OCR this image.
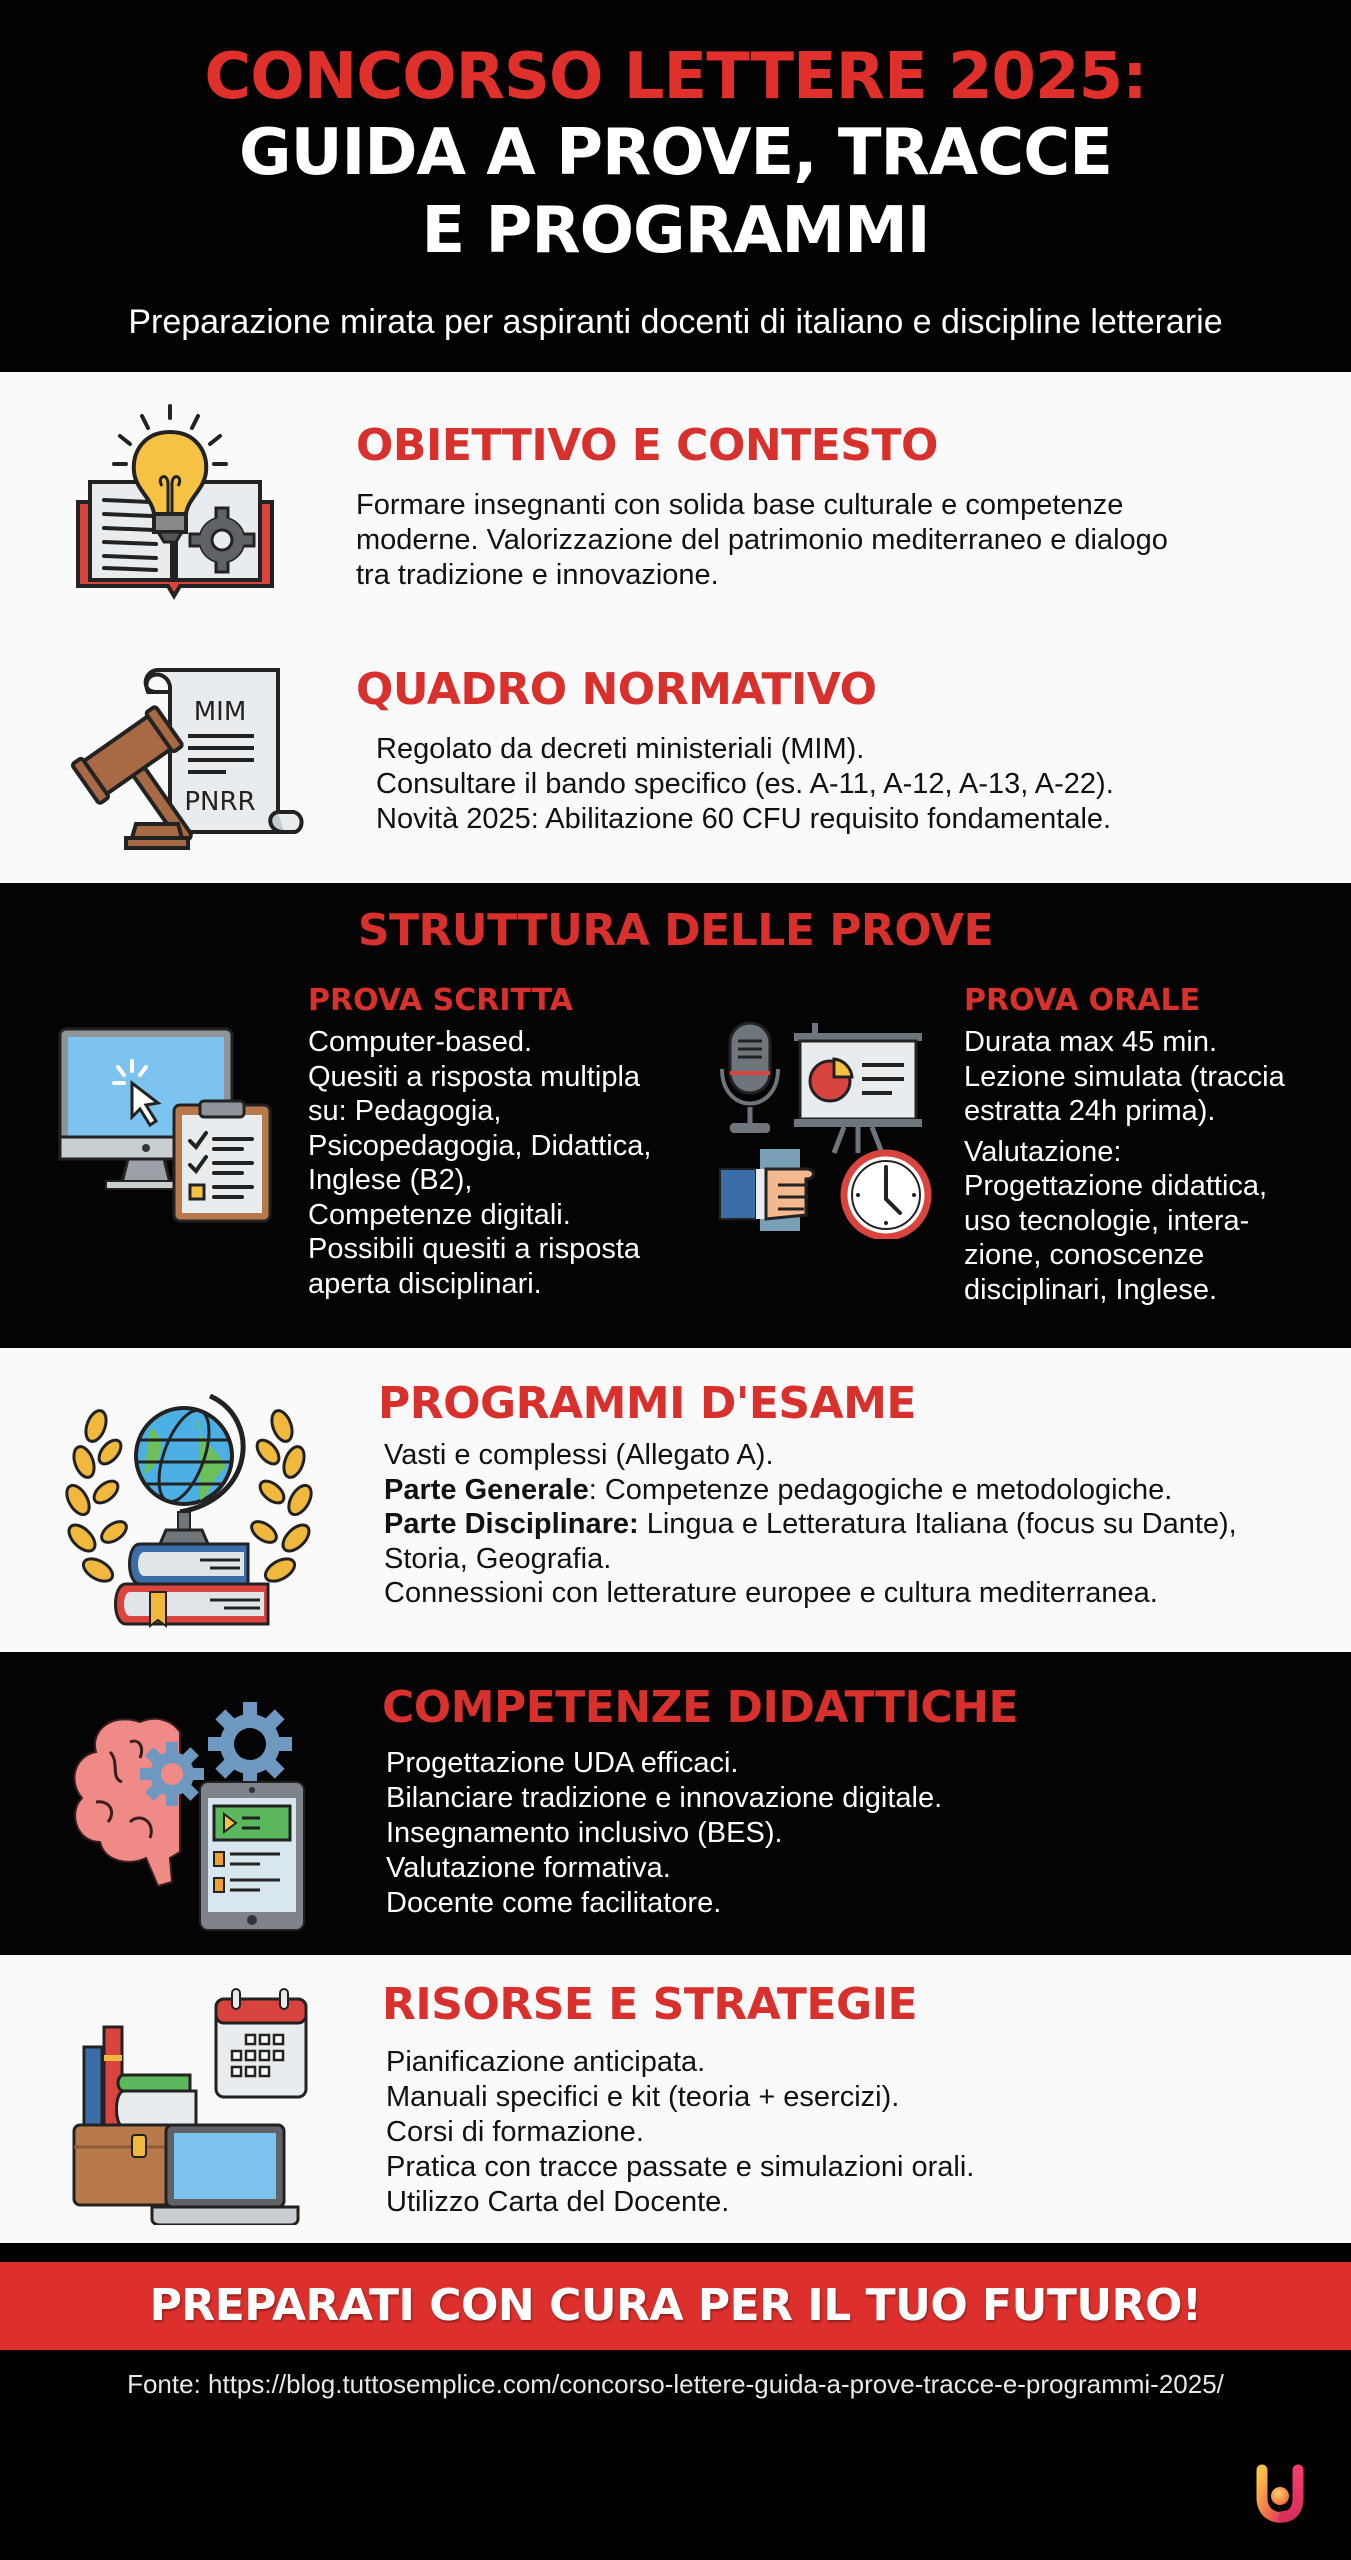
CONCORSO LETTERE 2025:
GUIDA A PROVE, TRACCE
E PROGRAMMI
Preparazione mirata per aspiranti docenti di italiano e discipline letterarie
OBIETTIVO E CONTESTO
Formare insegnanti con solida base culturale e competenze
moderne. Valorizzazione del patrimonio mediterraneo e dialogo
tra tradizione e innovazione.
MIM
PNRR
QUADRO NORMATIVO
Regolato da decreti ministeriali (MIM).
Consultare il bando specifico (es. A-11, A-12, A-13, A-22).
Novità 2025: Abilitazione 60 CFU requisito fondamentale.
STRUTTURA DELLE PROVE
PROVA SCRITTA
Computer-based.
Quesiti a risposta multipla
su: Pedagogia,
Psicopedagogia, Didattica,
Inglese (B2),
Competenze digitali.
Possibili quesiti a risposta
aperta disciplinari.
PROVA ORALE
Durata max 45 min.
Lezione simulata (traccia
estratta 24h prima).
Valutazione:
Progettazione didattica,
uso tecnologie, intera-
zione, conoscenze
disciplinari, Inglese.
PROGRAMMI D'ESAME
Vasti e complessi (Allegato A).
Parte Generale: Competenze pedagogiche e metodologiche.
Parte Disciplinare: Lingua e Letteratura Italiana (focus su Dante),
Storia, Geografia.
Connessioni con letterature europee e cultura mediterranea.
COMPETENZE DIDATTICHE
Progettazione UDA efficaci.
Bilanciare tradizione e innovazione digitale.
Insegnamento inclusivo (BES).
Valutazione formativa.
Docente come facilitatore.
RISORSE E STRATEGIE
Pianificazione anticipata.
Manuali specifici e kit (teoria + esercizi).
Corsi di formazione.
Pratica con tracce passate e simulazioni orali.
Utilizzo Carta del Docente.
PREPARATI CON CURA PER IL TUO FUTURO!
Fonte: https://blog.tuttosemplice.com/concorso-lettere-guida-a-prove-tracce-e-programmi-2025/
